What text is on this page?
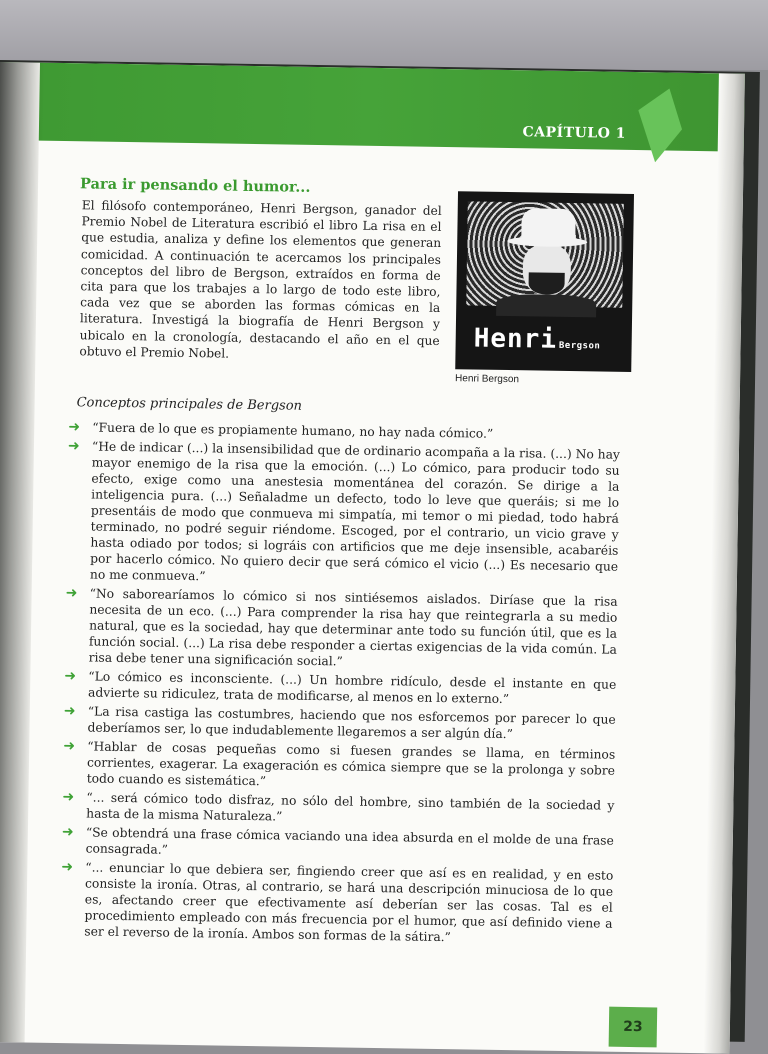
CAPÍTULO 1
Para ir pensando el humor...
El filósofo contemporáneo, Henri Bergson, ganador del Premio Nobel de Literatura escribió el libro La risa en el que estudia, analiza y define los elementos que generan comicidad. A continuación te acercamos los principales conceptos del libro de Bergson, extraídos en forma de cita para que los trabajes a lo largo de todo este libro, cada vez que se aborden las formas cómicas en la literatura. Investigá la biografía de Henri Bergson y ubicalo en la cronología, destacando el año en el que obtuvo el Premio Nobel.	Henri Bergson
Henri Bergson
Conceptos principales de Bergson
➜ “Fuera de lo que es propiamente humano, no hay nada cómico.”
➜ “He de indicar (...) la insensibilidad que de ordinario acompaña a la risa. (...) No hay mayor enemigo de la risa que la emoción. (...) Lo cómico, para producir todo su efecto, exige como una anestesia momentánea del corazón. Se dirige a la inteligencia pura. (...) Señaladme un defecto, todo lo leve que queráis; si me lo presentáis de modo que conmueva mi simpatía, mi temor o mi piedad, todo habrá terminado, no podré seguir riéndome. Escoged, por el contrario, un vicio grave y hasta odiado por todos; si lográis con artificios que me deje insensible, acabaréis por hacerlo cómico. No quiero decir que será cómico el vicio (...) Es necesario que no me conmueva.”
➜ “No saborearíamos lo cómico si nos sintiésemos aislados. Diríase que la risa necesita de un eco. (...) Para comprender la risa hay que reintegrarla a su medio natural, que es la sociedad, hay que determinar ante todo su función útil, que es la función social. (...) La risa debe responder a ciertas exigencias de la vida común. La risa debe tener una significación social.”
➜ “Lo cómico es inconsciente. (...) Un hombre ridículo, desde el instante en que advierte su ridiculez, trata de modificarse, al menos en lo externo.”
➜ “La risa castiga las costumbres, haciendo que nos esforcemos por parecer lo que deberíamos ser, lo que indudablemente llegaremos a ser algún día.”
➜ “Hablar de cosas pequeñas como si fuesen grandes se llama, en términos corrientes, exagerar. La exageración es cómica siempre que se la prolonga y sobre todo cuando es sistemática.”
➜ “... será cómico todo disfraz, no sólo del hombre, sino también de la sociedad y hasta de la misma Naturaleza.”
➜ “Se obtendrá una frase cómica vaciando una idea absurda en el molde de una frase consagrada.”
➜ “... enunciar lo que debiera ser, fingiendo creer que así es en realidad, y en esto consiste la ironía. Otras, al contrario, se hará una descripción minuciosa de lo que es, afectando creer que efectivamente así deberían ser las cosas. Tal es el procedimiento empleado con más frecuencia por el humor, que así definido viene a ser el reverso de la ironía. Ambos son formas de la sátira.”
23
